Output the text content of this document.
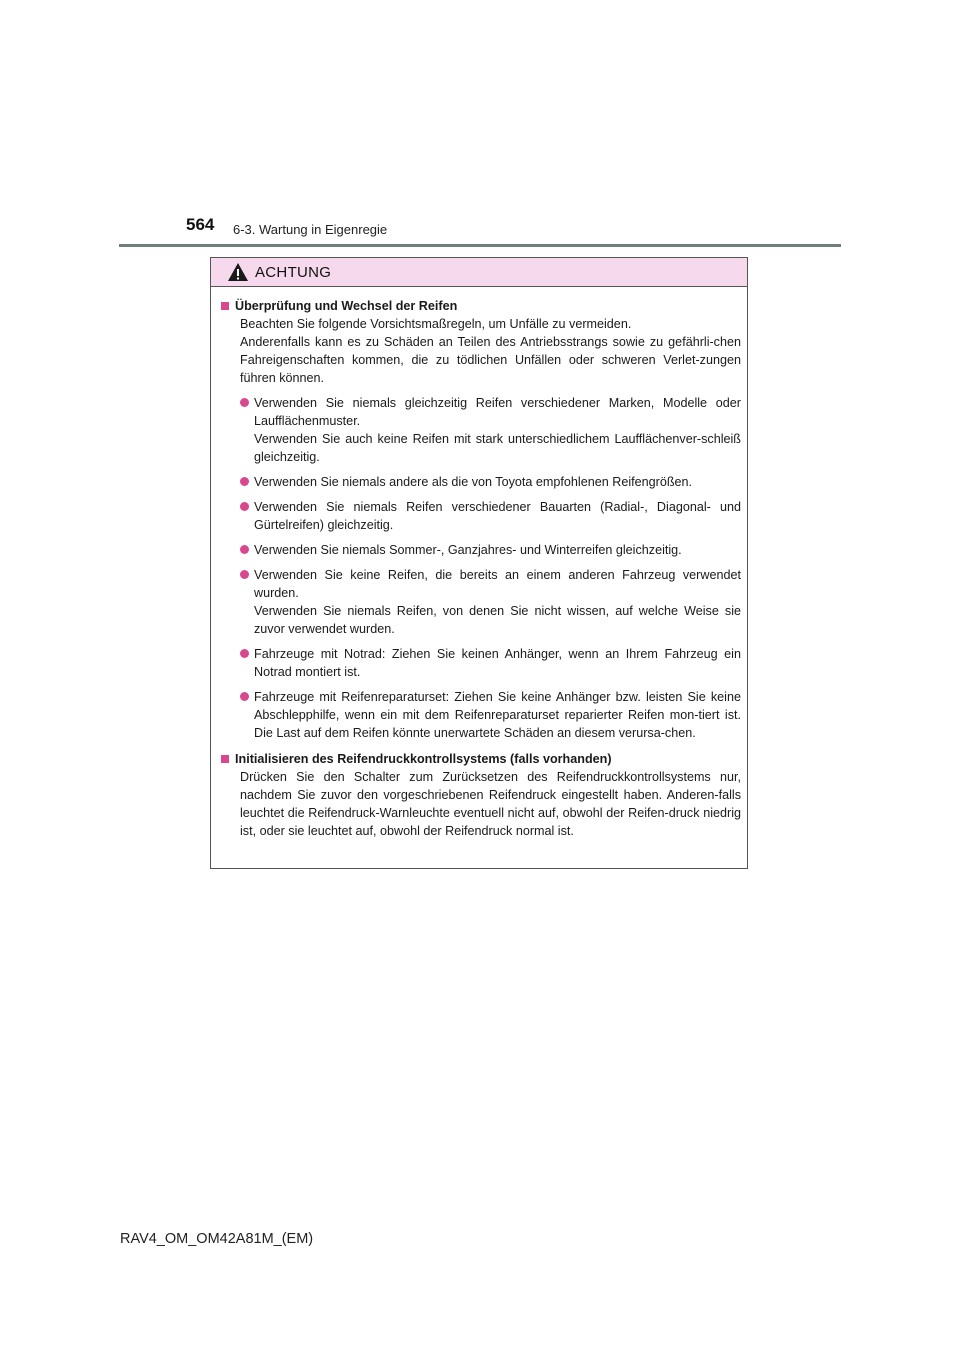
564 6-3. Wartung in Eigenregie
ACHTUNG
Überprüfung und Wechsel der Reifen
Beachten Sie folgende Vorsichtsmaßregeln, um Unfälle zu vermeiden.
Anderenfalls kann es zu Schäden an Teilen des Antriebsstrangs sowie zu gefährli-chen Fahreigenschaften kommen, die zu tödlichen Unfällen oder schweren Verlet-zungen führen können.
Verwenden Sie niemals gleichzeitig Reifen verschiedener Marken, Modelle oder Laufflächenmuster.
Verwenden Sie auch keine Reifen mit stark unterschiedlichem Laufflächenver-schleiß gleichzeitig.
Verwenden Sie niemals andere als die von Toyota empfohlenen Reifengrößen.
Verwenden Sie niemals Reifen verschiedener Bauarten (Radial-, Diagonal- und Gürtelreifen) gleichzeitig.
Verwenden Sie niemals Sommer-, Ganzjahres- und Winterreifen gleichzeitig.
Verwenden Sie keine Reifen, die bereits an einem anderen Fahrzeug verwendet wurden.
Verwenden Sie niemals Reifen, von denen Sie nicht wissen, auf welche Weise sie zuvor verwendet wurden.
Fahrzeuge mit Notrad: Ziehen Sie keinen Anhänger, wenn an Ihrem Fahrzeug ein Notrad montiert ist.
Fahrzeuge mit Reifenreparaturset: Ziehen Sie keine Anhänger bzw. leisten Sie keine Abschlepphilfe, wenn ein mit dem Reifenreparaturset reparierter Reifen mon-tiert ist. Die Last auf dem Reifen könnte unerwartete Schäden an diesem verursa-chen.
Initialisieren des Reifendruckkontrollsystems (falls vorhanden)
Drücken Sie den Schalter zum Zurücksetzen des Reifendruckkontrollsystems nur, nachdem Sie zuvor den vorgeschriebenen Reifendruck eingestellt haben. Anderen-falls leuchtet die Reifendruck-Warnleuchte eventuell nicht auf, obwohl der Reifen-druck niedrig ist, oder sie leuchtet auf, obwohl der Reifendruck normal ist.
RAV4_OM_OM42A81M_(EM)
